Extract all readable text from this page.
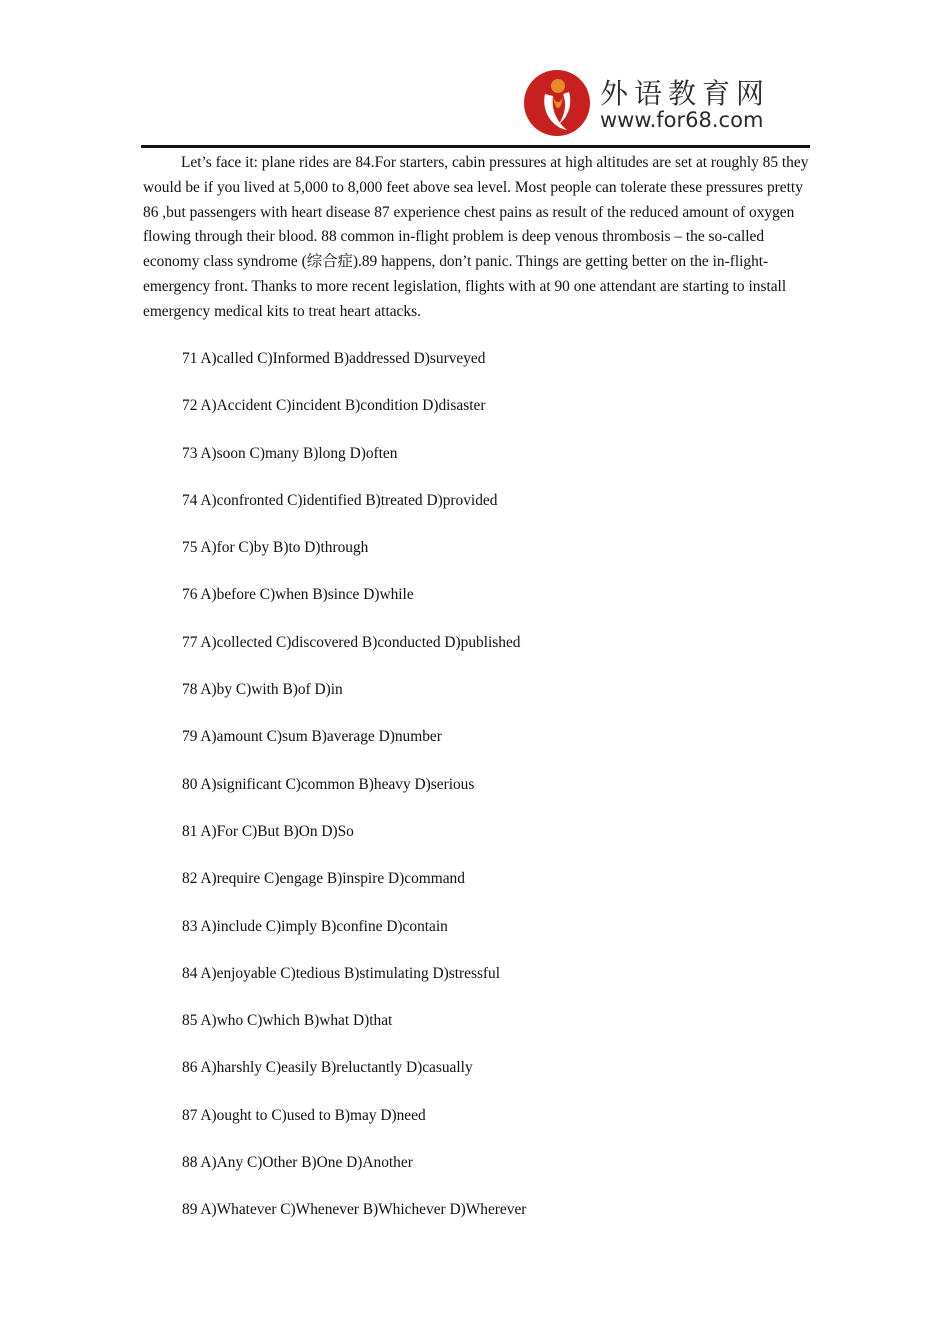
外语教育网
www.for68.com

Let’s face it: plane rides are 84.For starters, cabin pressures at high altitudes are set at roughly 85 they would be if you lived at 5,000 to 8,000 feet above sea level. Most people can tolerate these pressures pretty 86 ,but passengers with heart disease 87 experience chest pains as result of the reduced amount of oxygen flowing through their blood. 88 common in-flight problem is deep venous thrombosis – the so-called economy class syndrome (综合症).89 happens, don’t panic. Things are getting better on the in-flight-emergency front. Thanks to more recent legislation, flights with at 90 one attendant are starting to install emergency medical kits to treat heart attacks.

71 A)called C)Informed B)addressed D)surveyed
72 A)Accident C)incident B)condition D)disaster
73 A)soon C)many B)long D)often
74 A)confronted C)identified B)treated D)provided
75 A)for C)by B)to D)through
76 A)before C)when B)since D)while
77 A)collected C)discovered B)conducted D)published
78 A)by C)with B)of D)in
79 A)amount C)sum B)average D)number
80 A)significant C)common B)heavy D)serious
81 A)For C)But B)On D)So
82 A)require C)engage B)inspire D)command
83 A)include C)imply B)confine D)contain
84 A)enjoyable C)tedious B)stimulating D)stressful
85 A)who C)which B)what D)that
86 A)harshly C)easily B)reluctantly D)casually
87 A)ought to C)used to B)may D)need
88 A)Any C)Other B)One D)Another
89 A)Whatever C)Whenever B)Whichever D)Wherever
